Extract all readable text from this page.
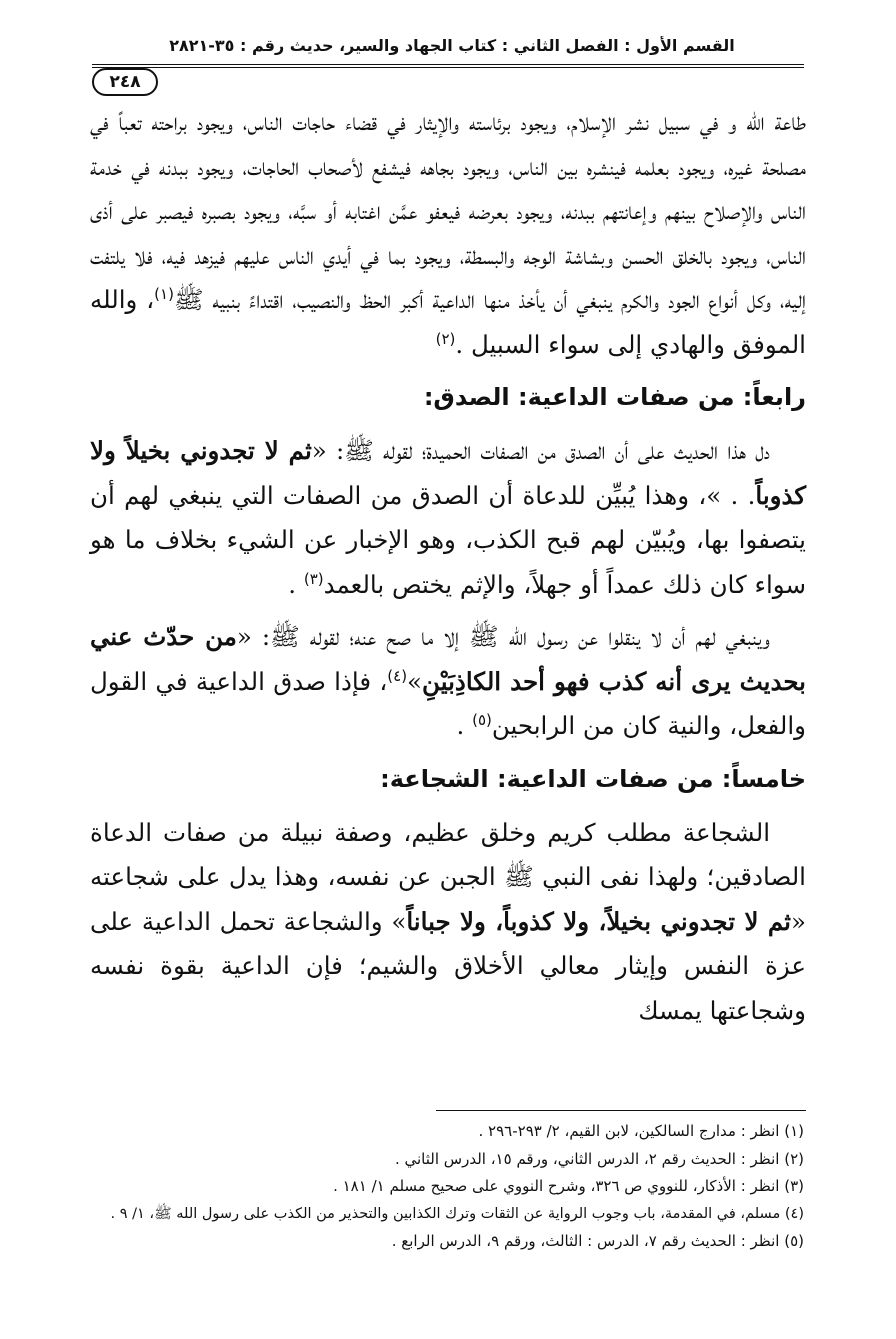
القسم الأول : الفصل الثاني : كتاب الجهاد والسير، حديث رقم : ٣٥-٢٨٢١
٢٤٨

طاعة الله و في سبيل نشر الإسلام، ويجود برئاسته والإيثار في قضاء حاجات الناس، ويجود براحته تعباً في مصلحة غيره، ويجود بعلمه فينشره بين الناس، ويجود بجاهه فيشفع لأصحاب الحاجات، ويجود ببدنه في خدمة الناس والإصلاح بينهم وإعانتهم ببدنه، ويجود بعرضه فيعفو عمَّن اغتابه أو سبَّه، ويجود بصبره فيصبر على أذى الناس، ويجود بالخلق الحسن وبشاشة الوجه والبسطة، ويجود بما في أيدي الناس عليهم فيزهد فيه، فلا يلتفت إليه، وكل أنواع الجود والكرم ينبغي أن يأخذ منها الداعية أكبر الحظ والنصيب، اقتداءً بنبيه ﷺ$^{(١)}$، والله الموفق والهادي إلى سواء السبيل .$^{(٢)}$

رابعاً: من صفات الداعية: الصدق:

دل هذا الحديث على أن الصدق من الصفات الحميدة؛ لقوله ﷺ: «ثم لا تجدوني بخيلاً ولا كذوباً. . »، وهذا يُبيِّن للدعاة أن الصدق من الصفات التي ينبغي لهم أن يتصفوا بها، ويُبيّن لهم قبح الكذب، وهو الإخبار عن الشيء بخلاف ما هو سواء كان ذلك عمداً أو جهلاً، والإثم يختص بالعمد$^{(٣)}$ .

وينبغي لهم أن لا ينقلوا عن رسول الله ﷺ إلا ما صح عنه؛ لقوله ﷺ: «من حدّث عني بحديث يرى أنه كذب فهو أحد الكاذِبَيْنِ»$^{(٤)}$، فإذا صدق الداعية في القول والفعل، والنية كان من الرابحين$^{(٥)}$ .

خامساً: من صفات الداعية: الشجاعة:

الشجاعة مطلب كريم وخلق عظيم، وصفة نبيلة من صفات الدعاة الصادقين؛ ولهذا نفى النبي ﷺ الجبن عن نفسه، وهذا يدل على شجاعته «ثم لا تجدوني بخيلاً، ولا كذوباً، ولا جباناً» والشجاعة تحمل الداعية على عزة النفس وإيثار معالي الأخلاق والشيم؛ فإن الداعية بقوة نفسه وشجاعتها يمسك

(١) انظر : مدارج السالكين، لابن القيم، ٢/ ٢٩٣-٢٩٦ .
(٢) انظر : الحديث رقم ٢، الدرس الثاني، ورقم ١٥، الدرس الثاني .
(٣) انظر : الأذكار، للنووي ص ٣٢٦، وشرح النووي على صحيح مسلم ١/ ١٨١ .
(٤) مسلم، في المقدمة، باب وجوب الرواية عن الثقات وترك الكذابين والتحذير من الكذب على رسول الله ﷺ، ١/ ٩ .
(٥) انظر : الحديث رقم ٧، الدرس : الثالث، ورقم ٩، الدرس الرابع .
